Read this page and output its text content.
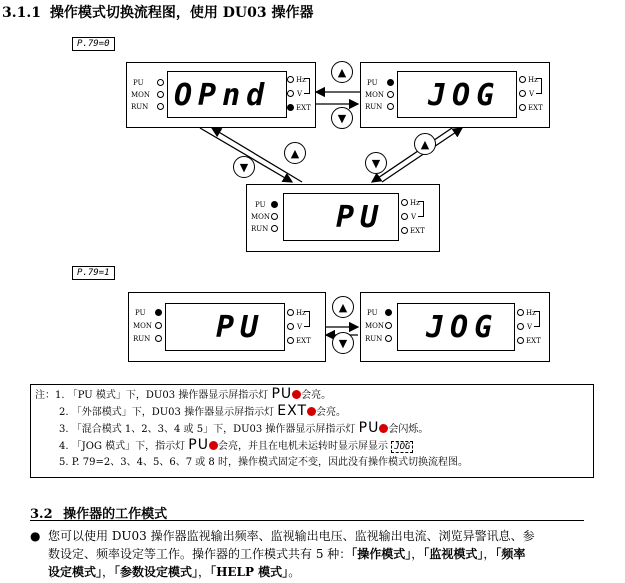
3.1.1 操作模式切换流程图，使用 DU03 操作器
P.79=0
PU
MON
RUN OPnd	Hz
V
EXT
PU
MON
RUN JOG	Hz
V
EXT
PU
MON
RUN PU	Hz
V
EXT
▲
▼
▼
▲
▼
▲
P.79=1
PU
MON
RUN PU	Hz
V
EXT
PU
MON
RUN JOG	Hz
V
EXT
▲
▼
注：1. 「PU 模式」下，DU03 操作器显示屏指示灯 PU 会亮。
2. 「外部模式」下，DU03 操作器显示屏指示灯 EXT 会亮。
3. 「混合模式 1、2、3、4 或 5」下，DU03 操作器显示屏指示灯 PU 会闪烁。
4. 「JOG 模式」下，指示灯 PU 会亮，并且在电机未运转时显示屏显示 JOG
5. P. 79=2、3、4、5、6、7 或 8 时，操作模式固定不变，因此没有操作模式切换流程图。
3.2 操作器的工作模式
● 您可以使用 DU03 操作器监视输出频率、监视输出电压、监视输出电流、浏览异警讯息、参
数设定、频率设定等工作。操作器的工作模式共有 5 种：「操作模式」，「监视模式」，「频率
设定模式」，「参数设定模式」，「HELP 模式」。
